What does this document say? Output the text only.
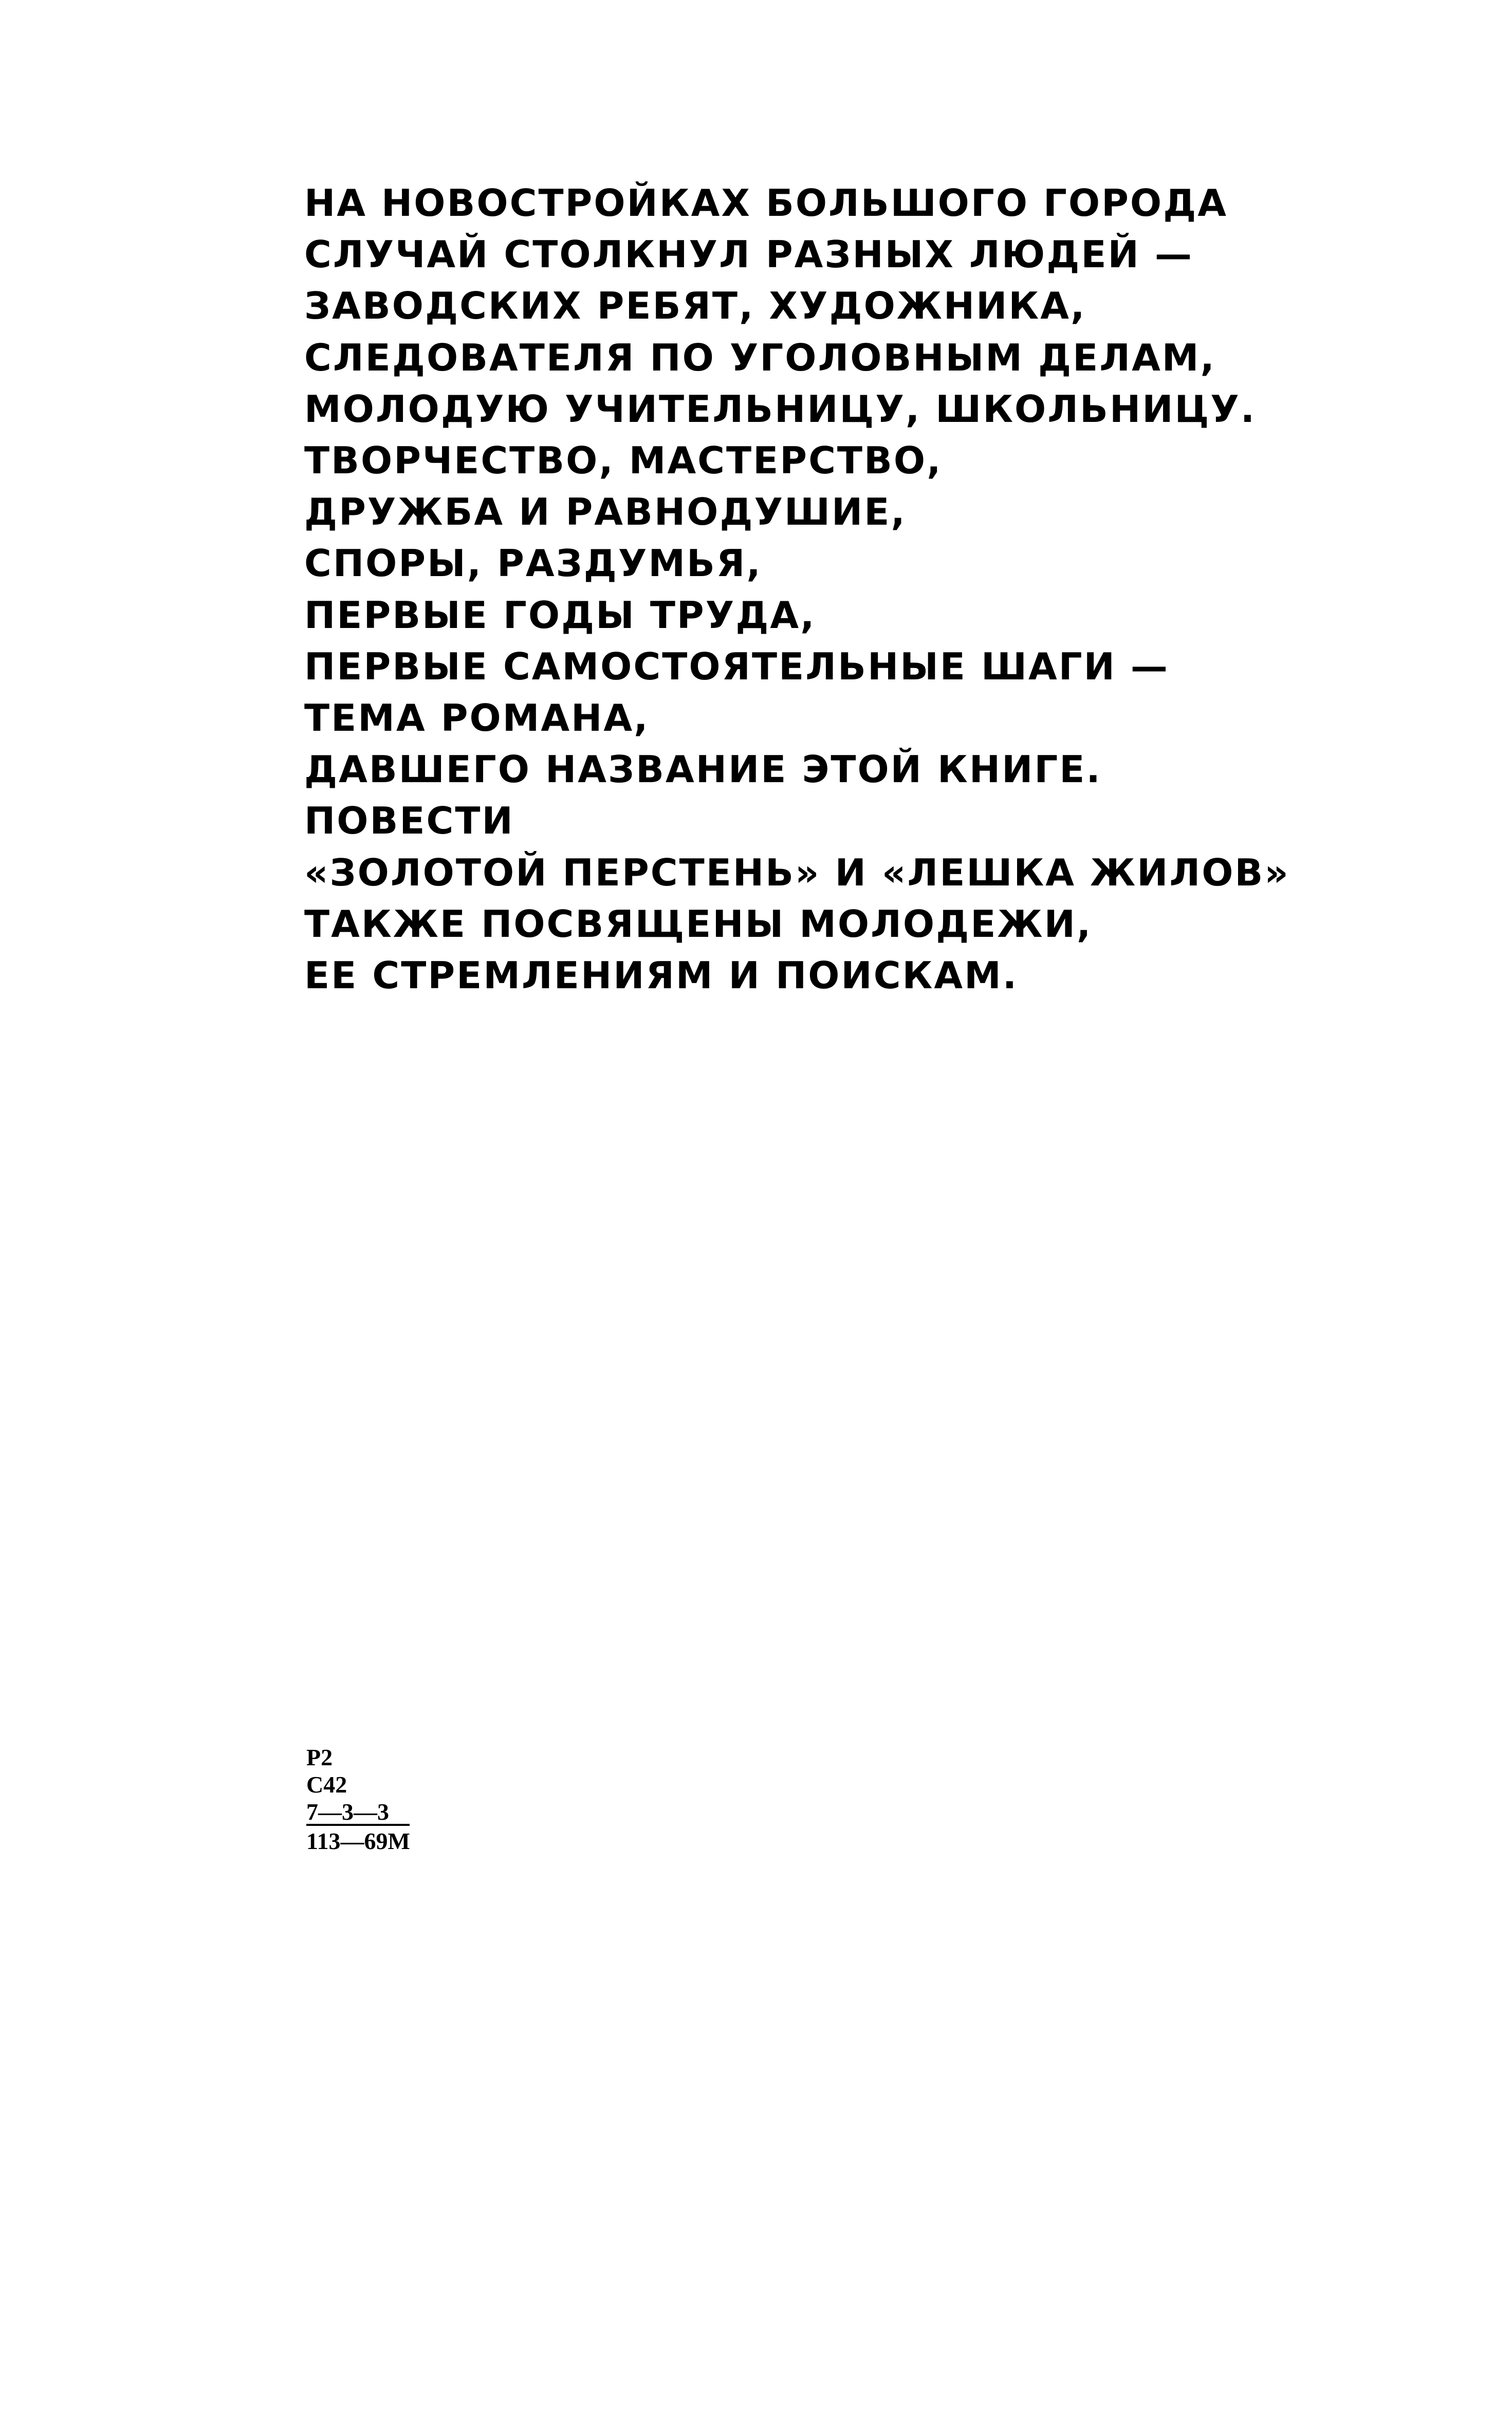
НА НОВОСТРОЙКАХ БОЛЬШОГО ГОРОДА
СЛУЧАЙ СТОЛКНУЛ РАЗНЫХ ЛЮДЕЙ —
ЗАВОДСКИХ РЕБЯТ, ХУДОЖНИКА,
СЛЕДОВАТЕЛЯ ПО УГОЛОВНЫМ ДЕЛАМ,
МОЛОДУЮ УЧИТЕЛЬНИЦУ, ШКОЛЬНИЦУ.
ТВОРЧЕСТВО, МАСТЕРСТВО,
ДРУЖБА И РАВНОДУШИЕ,
СПОРЫ, РАЗДУМЬЯ,
ПЕРВЫЕ ГОДЫ ТРУДА,
ПЕРВЫЕ САМОСТОЯТЕЛЬНЫЕ ШАГИ —
ТЕМА РОМАНА,
ДАВШЕГО НАЗВАНИЕ ЭТОЙ КНИГЕ.
ПОВЕСТИ
«ЗОЛОТОЙ ПЕРСТЕНЬ» И «ЛЕШКА ЖИЛОВ»
ТАКЖЕ ПОСВЯЩЕНЫ МОЛОДЕЖИ,
ЕЕ СТРЕМЛЕНИЯМ И ПОИСКАМ.
Р2
С42
7—3—3
113—69М
